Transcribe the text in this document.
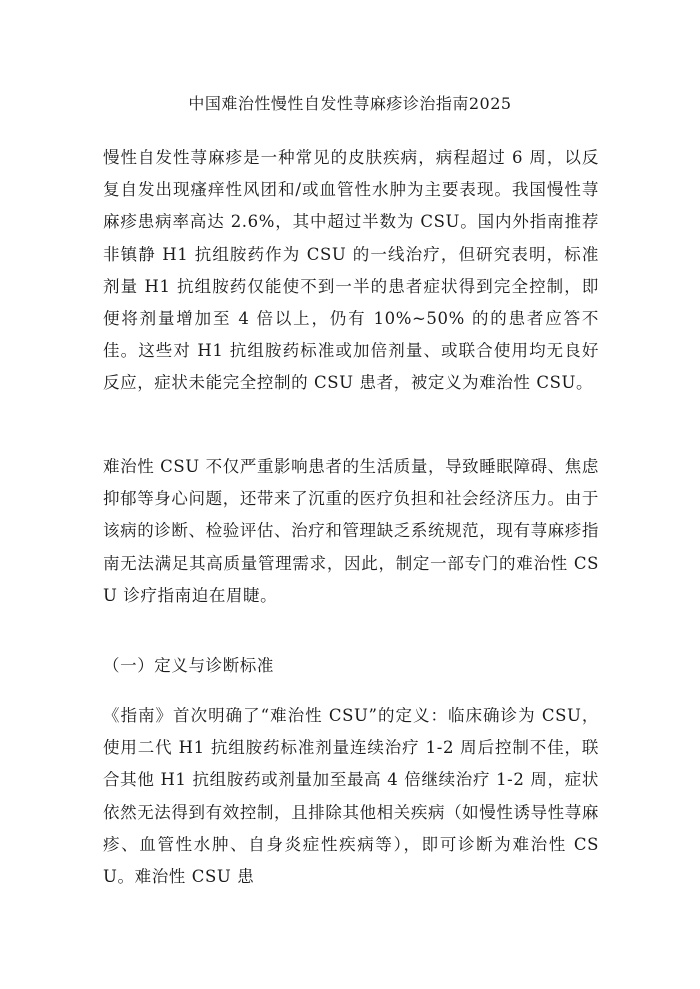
中国难治性慢性自发性荨麻疹诊治指南2025
慢性自发性荨麻疹是一种常见的皮肤疾病，病程超过 6 周，以反复自发出现瘙痒性风团和/或血管性水肿为主要表现。我国慢性荨麻疹患病率高达 2.6%，其中超过半数为 CSU。国内外指南推荐非镇静 H1 抗组胺药作为 CSU 的一线治疗，但研究表明，标准剂量 H1 抗组胺药仅能使不到一半的患者症状得到完全控制，即便将剂量增加至 4 倍以上，仍有 10%~50% 的的患者应答不佳。这些对 H1 抗组胺药标准或加倍剂量、或联合使用均无良好反应，症状未能完全控制的 CSU 患者，被定义为难治性 CSU。
难治性 CSU 不仅严重影响患者的生活质量，导致睡眠障碍、焦虑抑郁等身心问题，还带来了沉重的医疗负担和社会经济压力。由于该病的诊断、检验评估、治疗和管理缺乏系统规范，现有荨麻疹指南无法满足其高质量管理需求，因此，制定一部专门的难治性 CSU 诊疗指南迫在眉睫。
（一）定义与诊断标准
《指南》首次明确了“难治性 CSU”的定义：临床确诊为 CSU，使用二代 H1 抗组胺药标准剂量连续治疗 1-2 周后控制不佳，联合其他 H1 抗组胺药或剂量加至最高 4 倍继续治疗 1-2 周，症状依然无法得到有效控制，且排除其他相关疾病（如慢性诱导性荨麻疹、血管性水肿、自身炎症性疾病等），即可诊断为难治性 CSU。难治性 CSU 患
